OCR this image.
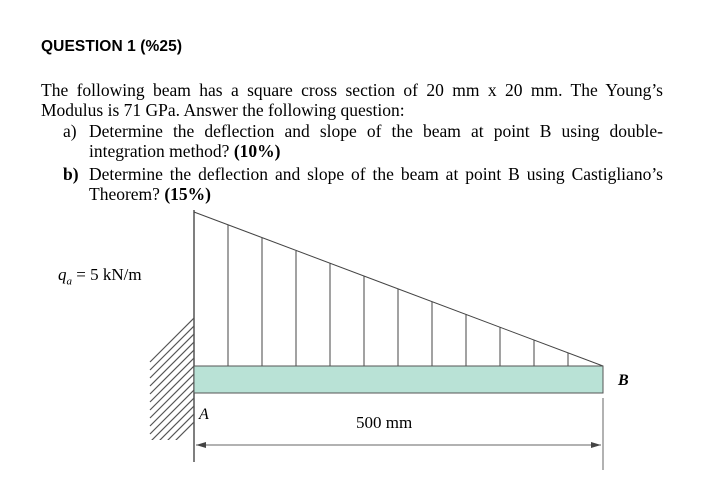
QUESTION 1 (%25)
The following beam has a square cross section of 20 mm x 20 mm. The Young’s
Modulus is 71 GPa. Answer the following question:
a) Determine the deflection and slope of the beam at point B using double-
integration method? (10%)
b) Determine the deflection and slope of the beam at point B using Castigliano’s
Theorem? (15%)
$q_a = 5$ kN/m
A
B
500 mm
